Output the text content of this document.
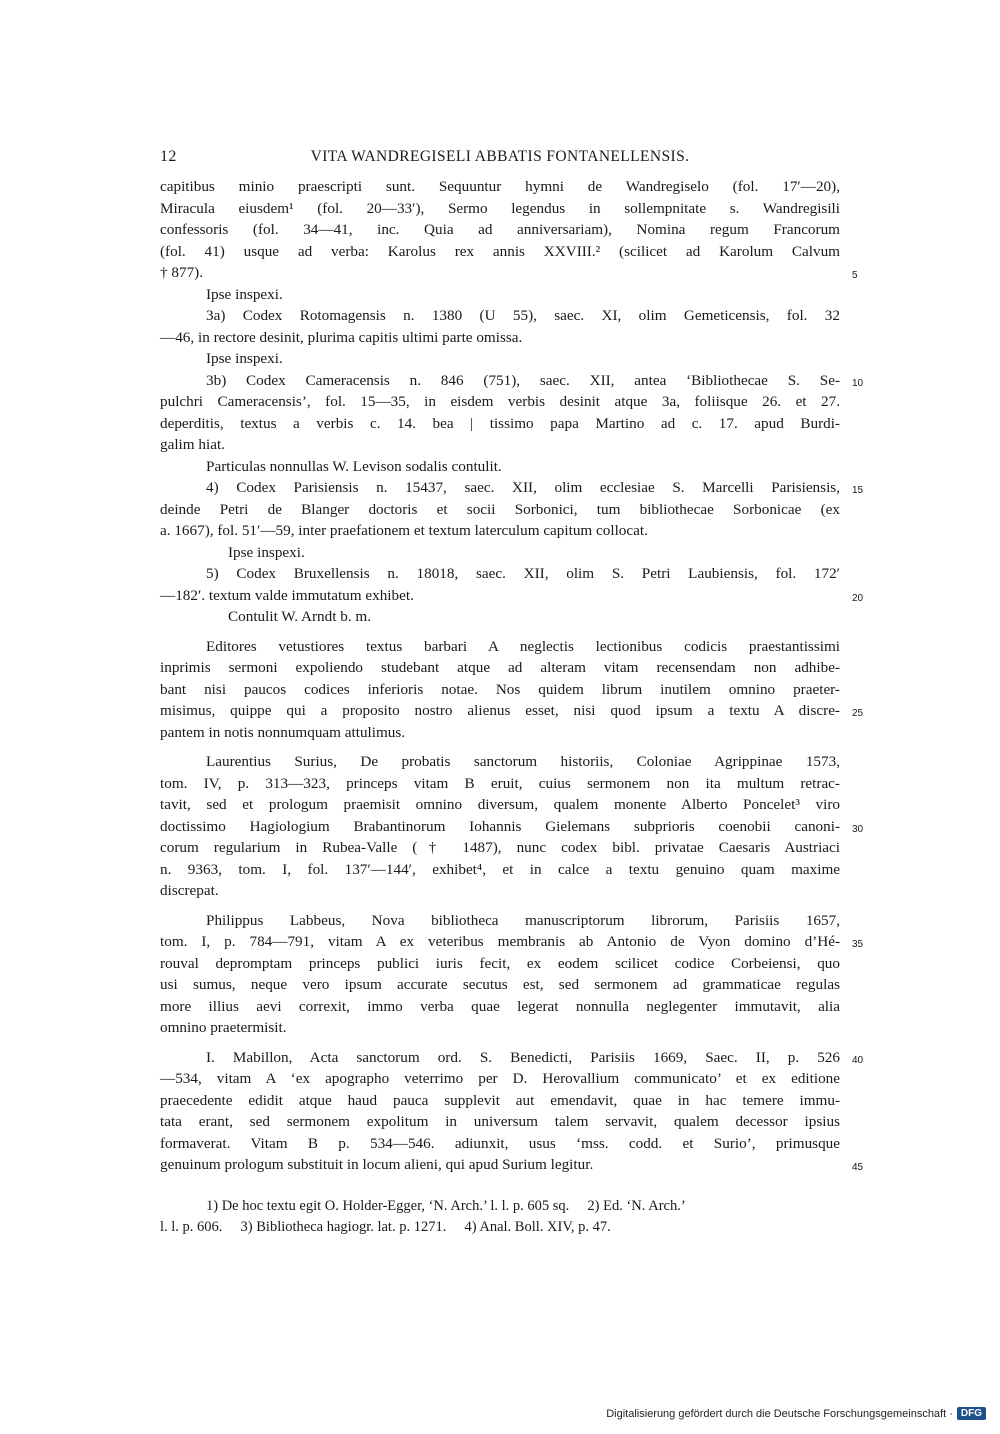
12	VITA WANDREGISELI ABBATIS FONTANELLENSIS.
capitibus minio praescripti sunt. Sequuntur hymni de Wandregiselo (fol. 17′—20),
Miracula eiusdem¹ (fol. 20—33′), Sermo legendus in sollempnitate s. Wandregisili
confessoris (fol. 34—41, inc. Quia ad anniversariam), Nomina regum Francorum
(fol. 41) usque ad verba: Karolus rex annis XXVIII.² (scilicet ad Karolum Calvum
† 877).	5
Ipse inspexi.
3a) Codex Rotomagensis n. 1380 (U 55), saec. XI, olim Gemeticensis, fol. 32
—46, in rectore desinit, plurima capitis ultimi parte omissa.
Ipse inspexi.
3b) Codex Cameracensis n. 846 (751), saec. XII, antea ‘Bibliothecae S. Se- 10
pulchri Cameracensis’, fol. 15—35, in eisdem verbis desinit atque 3a, foliisque 26. et 27.
deperditis, textus a verbis c. 14. bea | tissimo papa Martino ad c. 17. apud Burdi-
galim hiat.
Particulas nonnullas W. Levison sodalis contulit.
4) Codex Parisiensis n. 15437, saec. XII, olim ecclesiae S. Marcelli Parisiensis, 15
deinde Petri de Blanger doctoris et socii Sorbonici, tum bibliothecae Sorbonicae (ex
a. 1667), fol. 51′—59, inter praefationem et textum laterculum capitum collocat.
Ipse inspexi.
5) Codex Bruxellensis n. 18018, saec. XII, olim S. Petri Laubiensis, fol. 172′
—182′. textum valde immutatum exhibet.	20
Contulit W. Arndt b. m.
Editores vetustiores textus barbari A neglectis lectionibus codicis praestantissimi
inprimis sermoni expoliendo studebant atque ad alteram vitam recensendam non adhibe-
bant nisi paucos codices inferioris notae. Nos quidem librum inutilem omnino praeter-
misimus, quippe qui a proposito nostro alienus esset, nisi quod ipsum a textu A discre- 25
pantem in notis nonnumquam attulimus.
Laurentius Surius, De probatis sanctorum historiis, Coloniae Agrippinae 1573,
tom. IV, p. 313—323, princeps vitam B eruit, cuius sermonem non ita multum retrac-
tavit, sed et prologum praemisit omnino diversum, qualem monente Alberto Poncelet³ viro
doctissimo Hagiologium Brabantinorum Iohannis Gielemans subprioris coenobii canoni- 30
corum regularium in Rubea-Valle († 1487), nunc codex bibl. privatae Caesaris Austriaci
n. 9363, tom. I, fol. 137′—144′, exhibet⁴, et in calce a textu genuino quam maxime
discrepat.
Philippus Labbeus, Nova bibliotheca manuscriptorum librorum, Parisiis 1657,
tom. I, p. 784—791, vitam A ex veteribus membranis ab Antonio de Vyon domino d’Hé- 35
rouval depromptam princeps publici iuris fecit, ex eodem scilicet codice Corbeiensi, quo
usi sumus, neque vero ipsum accurate secutus est, sed sermonem ad grammaticae regulas
more illius aevi correxit, immo verba quae legerat nonnulla neglegenter immutavit, alia
omnino praetermisit.
I. Mabillon, Acta sanctorum ord. S. Benedicti, Parisiis 1669, Saec. II, p. 526 40
—534, vitam A ‘ex apographo veterrimo per D. Herovallium communicato’ et ex editione
praecedente edidit atque haud pauca supplevit aut emendavit, quae in hac temere immu-
tata erant, sed sermonem expolitum in universum talem servavit, qualem decessor ipsius
formaverat. Vitam B p. 534—546. adiunxit, usus ‘mss. codd. et Surio’, primusque
genuinum prologum substituit in locum alieni, qui apud Surium legitur.	45
1) De hoc textu egit O. Holder-Egger, ‘N. Arch.’ l. l. p. 605 sq.     2) Ed. ‘N. Arch.’
l. l. p. 606.     3) Bibliotheca hagiogr. lat. p. 1271.     4) Anal. Boll. XIV, p. 47.
Digitalisierung gefördert durch die Deutsche Forschungsgemeinschaft · DFG
